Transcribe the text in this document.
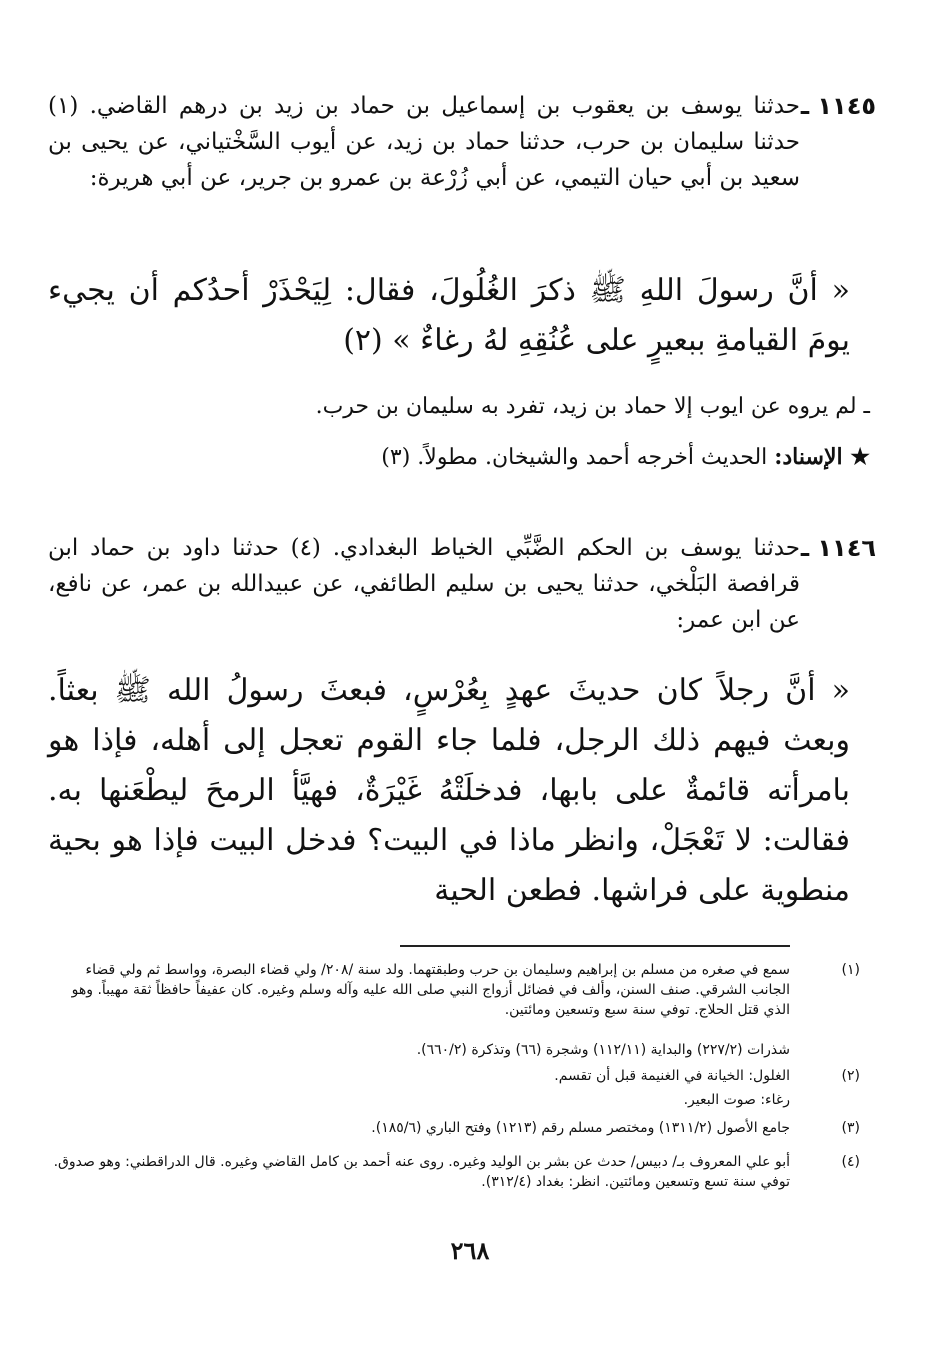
١١٤٥ ـ
حدثنا يوسف بن يعقوب بن إسماعيل بن حماد بن زيد بن درهم القاضي. (١) حدثنا سليمان بن حرب، حدثنا حماد بن زيد، عن أيوب السَّخْتياني، عن يحيى بن سعيد بن أبي حيان التيمي، عن أبي زُرْعة بن عمرو بن جرير، عن أبي هريرة:
« أنَّ رسولَ اللهِ ﷺ ذكرَ الغُلُولَ، فقال: لِيَحْذَرْ أحدُكم أن يجيء يومَ القيامةِ ببعيرٍ على عُنُقِهِ لهُ رغاءٌ » (٢)
ـ لم يروه عن ايوب إلا حماد بن زيد، تفرد به سليمان بن حرب.
★ الإسناد: الحديث أخرجه أحمد والشيخان. مطولاً. (٣)
١١٤٦ ـ
حدثنا يوسف بن الحكم الضَّبِّي الخياط البغدادي. (٤) حدثنا داود بن حماد ابن قرافصة البَلْخي، حدثنا يحيى بن سليم الطائفي، عن عبيدالله بن عمر، عن نافع، عن ابن عمر:
« أنَّ رجلاً كان حديثَ عهدٍ بِعُرْسٍ، فبعثَ رسولُ الله ﷺ بعثاً. وبعث فيهم ذلك الرجل، فلما جاء القوم تعجل إلى أهله، فإذا هو بامرأته قائمةٌ على بابها، فدخلَتْهُ غَيْرَةٌ، فهيَّأ الرمحَ ليطْعَنها به. فقالت: لا تَعْجَلْ، وانظر ماذا في البيت؟ فدخل البيت فإذا هو بحية منطوية على فراشها. فطعن الحية
(١)
سمع في صغره من مسلم بن إبراهيم وسليمان بن حرب وطبقتهما. ولد سنة /٢٠٨/ ولي قضاء البصرة، وواسط ثم ولي قضاء الجانب الشرقي. صنف السنن، وألف في فضائل أزواج النبي صلى الله عليه وآله وسلم وغيره. كان عفيفاً حافظاً ثقة مهيباً. وهو الذي قتل الحلاج. توفي سنة سبع وتسعين ومائتين.
شذرات (٢٢٧/٢) والبداية (١١٢/١١) وشجرة (٦٦) وتذكرة (٦٦٠/٢).
(٢)
الغلول: الخيانة في الغنيمة قبل أن تقسم.
رغاء: صوت البعير.
(٣)
جامع الأصول (١٣١١/٢) ومختصر مسلم رقم (١٢١٣) وفتح الباري (١٨٥/٦).
(٤)
أبو علي المعروف بـ/ دبيس/ حدث عن بشر بن الوليد وغيره. روى عنه أحمد بن كامل القاضي وغيره. قال الدراقطني: وهو صدوق. توفي سنة تسع وتسعين ومائتين. انظر: بغداد (٣١٢/٤).
٢٦٨
